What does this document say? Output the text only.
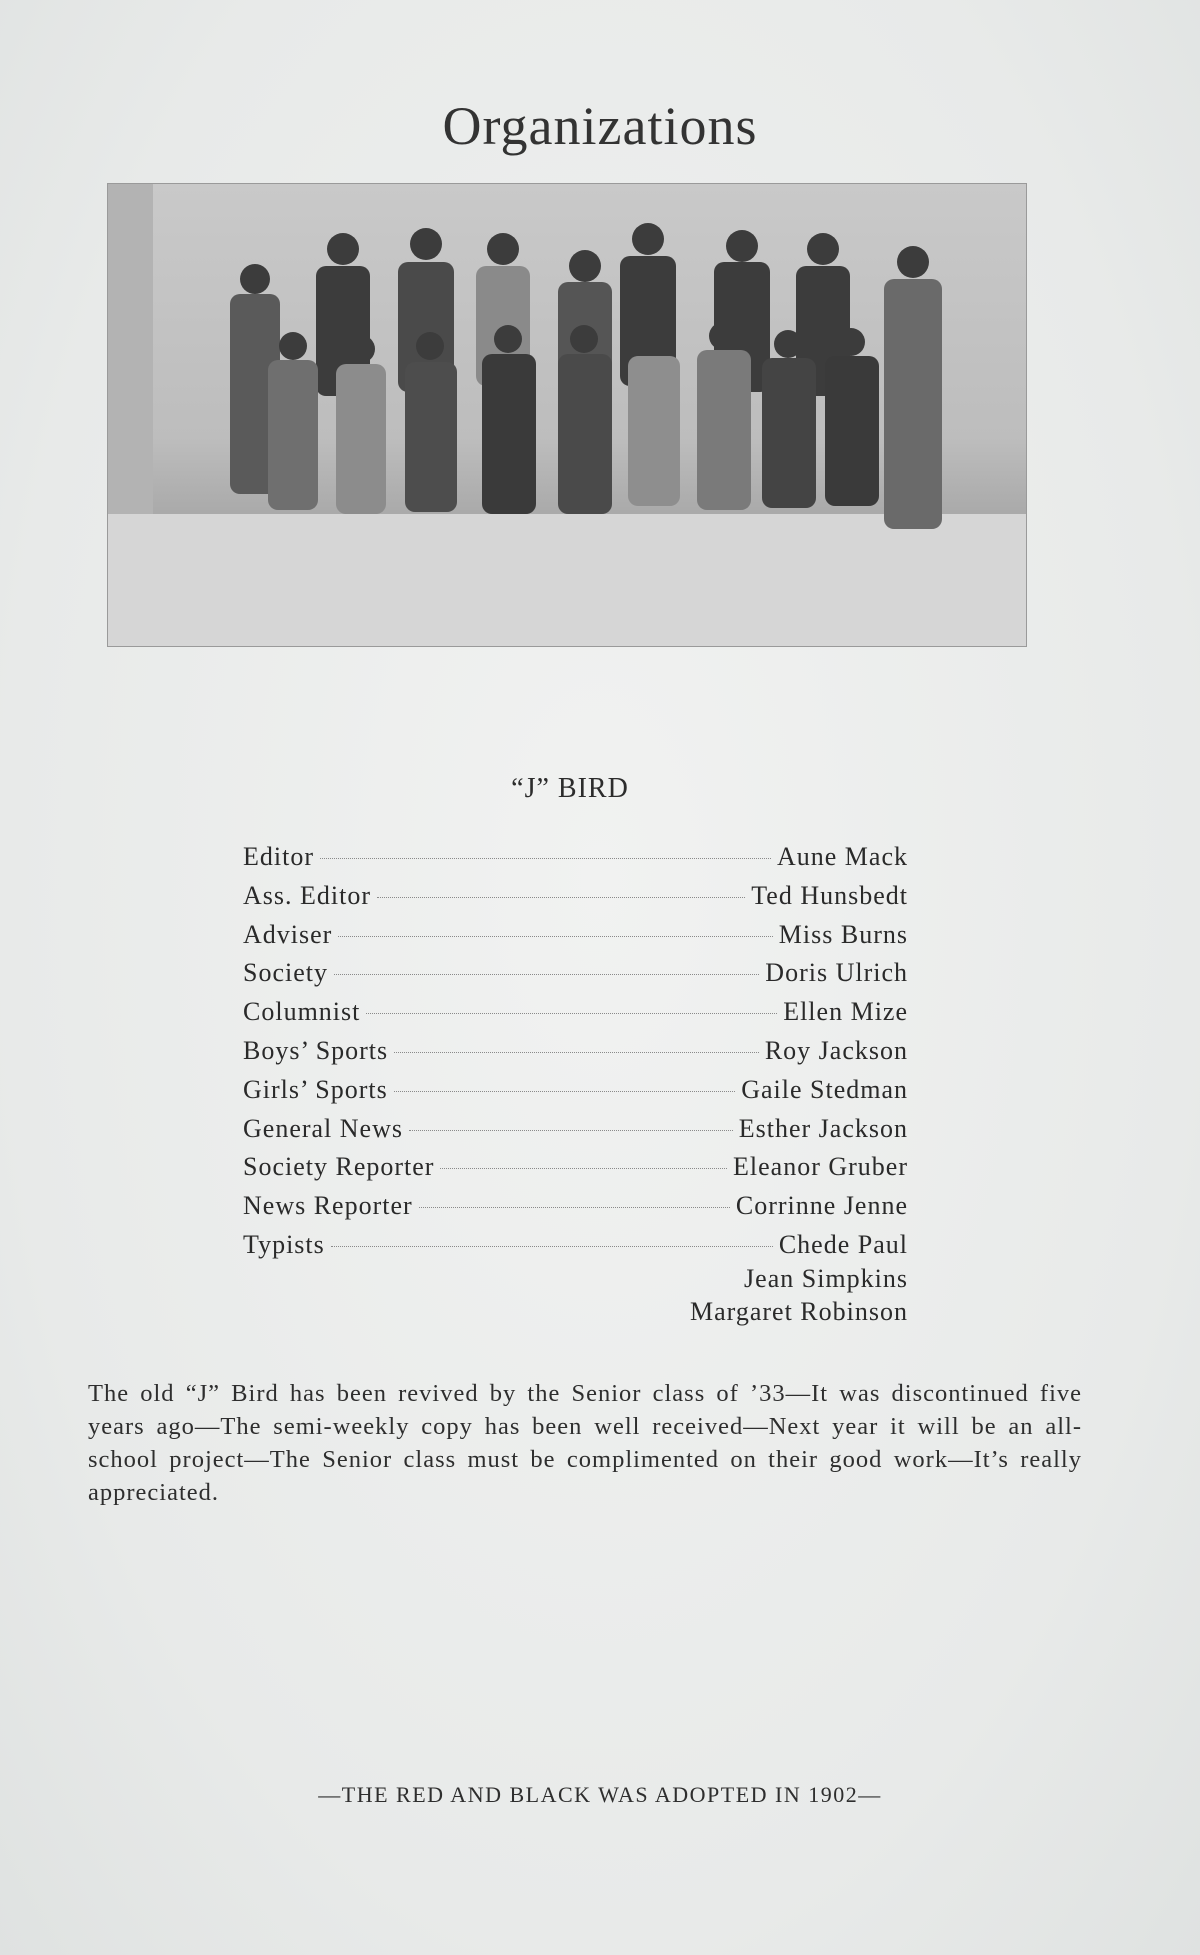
Organizations
“J” BIRD
Editor	Aune Mack
Ass. Editor	Ted Hunsbedt
Adviser	Miss Burns
Society	Doris Ulrich
Columnist	Ellen Mize
Boys’ Sports	Roy Jackson
Girls’ Sports	Gaile Stedman
General News	Esther Jackson
Society Reporter	Eleanor Gruber
News Reporter	Corrinne Jenne
Typists	Chede Paul
Jean Simpkins
Margaret Robinson

The old “J” Bird has been revived by the Senior class of ’33—It was discontinued five years ago—The semi-weekly copy has been well received—Next year it will be an all-school project—The Senior class must be complimented on their good work—It’s really appreciated.

—THE RED AND BLACK WAS ADOPTED IN 1902—
